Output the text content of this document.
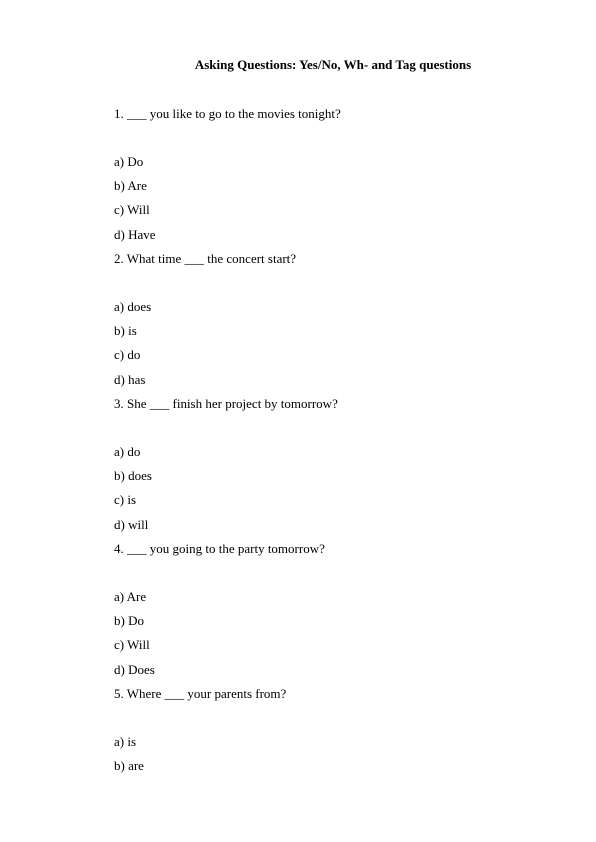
Asking Questions: Yes/No, Wh- and Tag questions
1. ___ you like to go to the movies tonight?
a) Do
b) Are
c) Will
d) Have
2. What time ___ the concert start?
a) does
b) is
c) do
d) has
3. She ___ finish her project by tomorrow?
a) do
b) does
c) is
d) will
4. ___ you going to the party tomorrow?
a) Are
b) Do
c) Will
d) Does
5. Where ___ your parents from?
a) is
b) are
